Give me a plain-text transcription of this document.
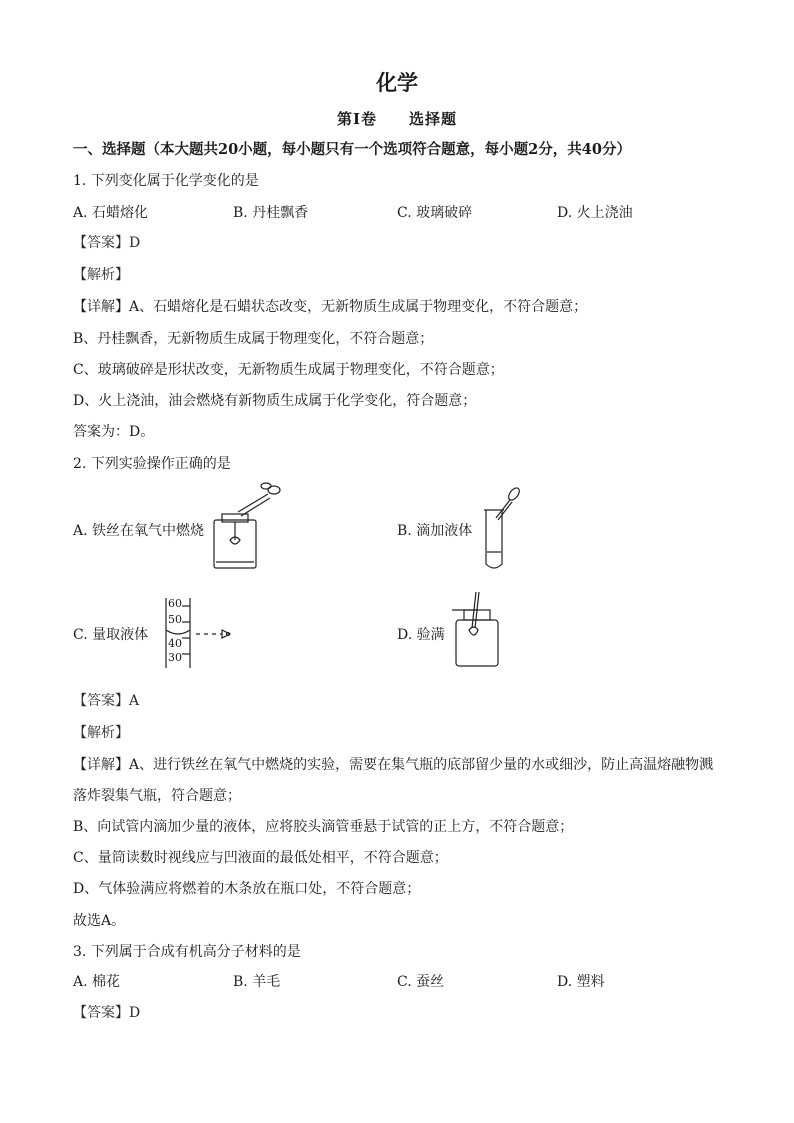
化学
第I卷　　选择题
一、选择题（本大题共20小题，每小题只有一个选项符合题意，每小题2分，共40分）
1. 下列变化属于化学变化的是
A. 石蜡熔化	B. 丹桂飘香	C. 玻璃破碎	D. 火上浇油
【答案】D
【解析】
【详解】A、石蜡熔化是石蜡状态改变，无新物质生成属于物理变化，不符合题意；
B、丹桂飘香，无新物质生成属于物理变化，不符合题意；
C、玻璃破碎是形状改变，无新物质生成属于物理变化，不符合题意；
D、火上浇油，油会燃烧有新物质生成属于化学变化，符合题意；
答案为：D。
2. 下列实验操作正确的是
A. 铁丝在氧气中燃烧	B. 滴加液体
C. 量取液体
60
50
40
30
D. 验满
【答案】A
【解析】
【详解】A、进行铁丝在氧气中燃烧的实验，需要在集气瓶的底部留少量的水或细沙，防止高温熔融物溅
落炸裂集气瓶，符合题意；
B、向试管内滴加少量的液体，应将胶头滴管垂悬于试管的正上方，不符合题意；
C、量筒读数时视线应与凹液面的最低处相平，不符合题意；
D、气体验满应将燃着的木条放在瓶口处，不符合题意；
故选A。
3. 下列属于合成有机高分子材料的是
A. 棉花	B. 羊毛	C. 蚕丝	D. 塑料
【答案】D
